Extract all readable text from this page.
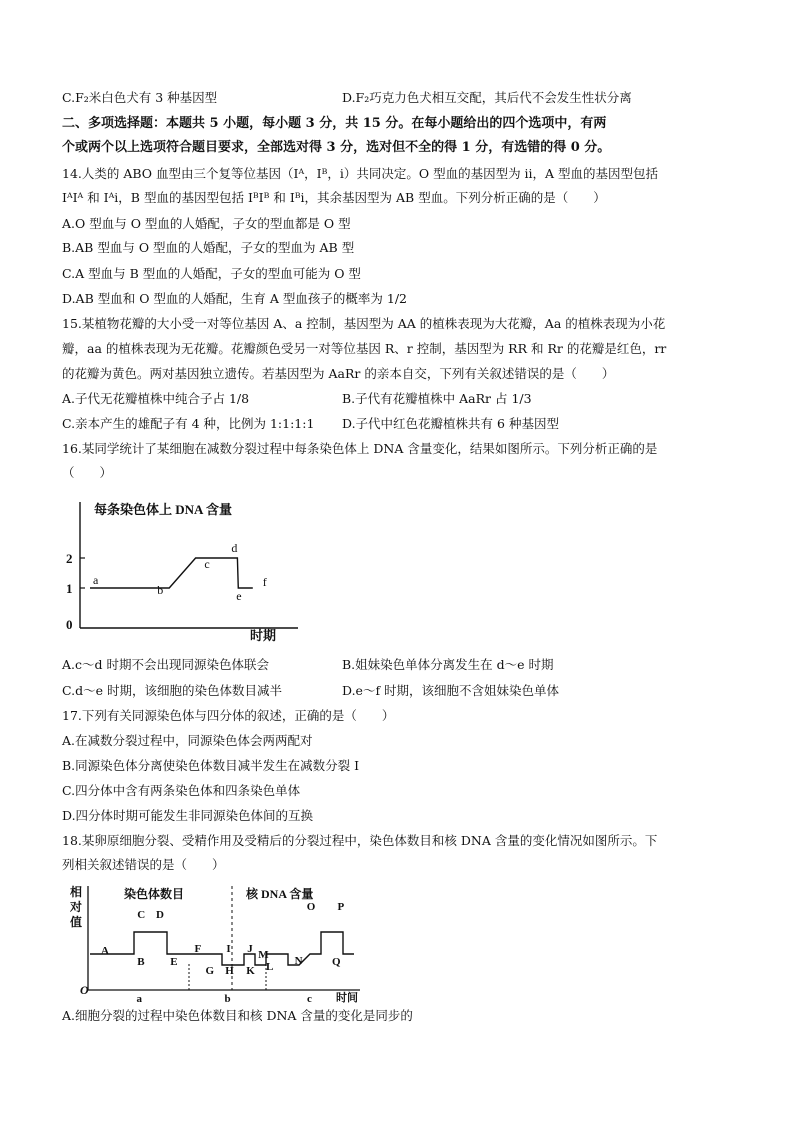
C.F₂米白色犬有 3 种基因型	D.F₂巧克力色犬相互交配，其后代不会发生性状分离
二、多项选择题：本题共 5 小题，每小题 3 分，共 15 分。在每小题给出的四个选项中，有两
个或两个以上选项符合题目要求，全部选对得 3 分，选对但不全的得 1 分，有选错的得 0 分。
14.人类的 ABO 血型由三个复等位基因（Iᴬ，Iᴮ，i）共同决定。O 型血的基因型为 ii，A 型血的基因型包括
IᴬIᴬ 和 Iᴬi，B 型血的基因型包括 IᴮIᴮ 和 Iᴮi，其余基因型为 AB 型血。下列分析正确的是（　　）
A.O 型血与 O 型血的人婚配，子女的型血都是 O 型
B.AB 型血与 O 型血的人婚配，子女的型血为 AB 型
C.A 型血与 B 型血的人婚配，子女的型血可能为 O 型
D.AB 型血和 O 型血的人婚配，生育 A 型血孩子的概率为 1/2
15.某植物花瓣的大小受一对等位基因 A、a 控制，基因型为 AA 的植株表现为大花瓣，Aa 的植株表现为小花
瓣，aa 的植株表现为无花瓣。花瓣颜色受另一对等位基因 R、r 控制，基因型为 RR 和 Rr 的花瓣是红色，rr
的花瓣为黄色。两对基因独立遗传。若基因型为 AaRr 的亲本自交，下列有关叙述错误的是（　　）
A.子代无花瓣植株中纯合子占 1/8	B.子代有花瓣植株中 AaRr 占 1/3
C.亲本产生的雄配子有 4 种，比例为 1:1:1:1 D.子代中红色花瓣植株共有 6 种基因型
16.某同学统计了某细胞在减数分裂过程中每条染色体上 DNA 含量变化，结果如图所示。下列分析正确的是
（　　）
每条染色体上 DNA 含量
时期
0
1
2
a
b
c
d
e
f
A.c～d 时期不会出现同源染色体联会	B.姐妹染色单体分离发生在 d～e 时期
C.d～e 时期，该细胞的染色体数目减半	D.e～f 时期，该细胞不含姐妹染色单体
17.下列有关同源染色体与四分体的叙述，正确的是（　　）
A.在减数分裂过程中，同源染色体会两两配对
B.同源染色体分离使染色体数目减半发生在减数分裂 I
C.四分体中含有两条染色体和四条染色单体
D.四分体时期可能发生非同源染色体间的互换
18.某卵原细胞分裂、受精作用及受精后的分裂过程中，染色体数目和核 DNA 含量的变化情况如图所示。下
列相关叙述错误的是（　　）
相对值
O
时间
染色体数目	核 DNA 含量
a	b	c
A
B
C D
E
F
G H
I J
K L
M N
O P
Q
A.细胞分裂的过程中染色体数目和核 DNA 含量的变化是同步的
